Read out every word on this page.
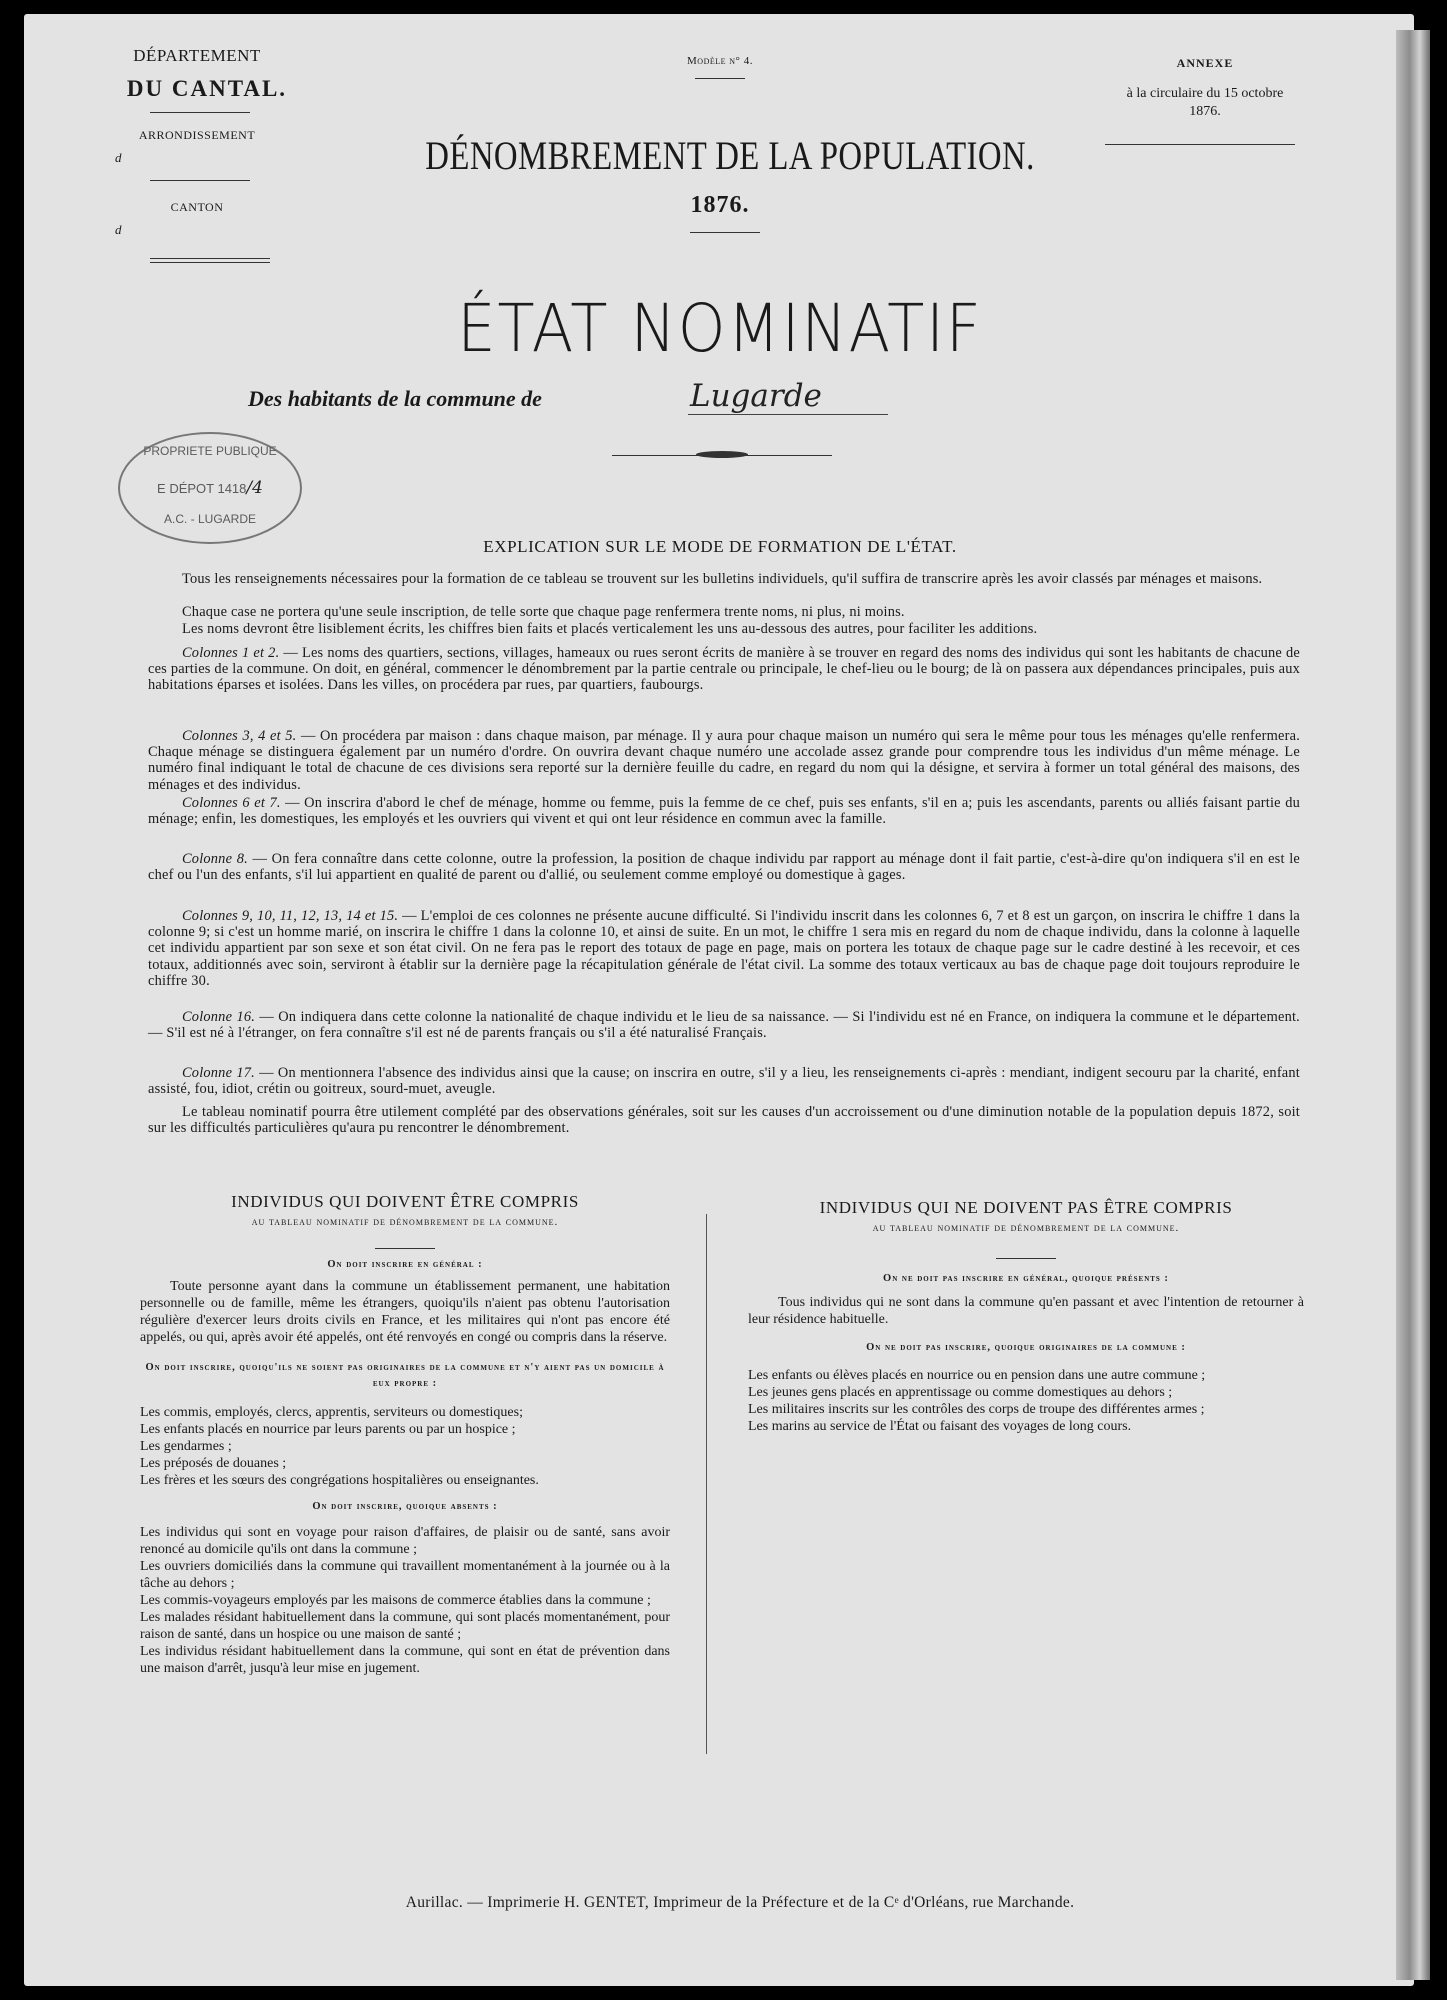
DÉPARTEMENT
DU CANTAL.
ARRONDISSEMENT
d
CANTON
d
Modèle n° 4.	ANNEXE
à la circulaire du 15 octobre
1876.
DÉNOMBREMENT DE LA POPULATION.
1876.
ÉTAT NOMINATIF
Des habitants de la commune de	Lugarde
PROPRIETE PUBLIQUE
E DÉPOT 1418/4
A.C. - LUGARDE
EXPLICATION SUR LE MODE DE FORMATION DE L'ÉTAT.
Tous les renseignements nécessaires pour la formation de ce tableau se trouvent sur les bulletins individuels, qu'il suffira de transcrire après les avoir classés par ménages et maisons.
Chaque case ne portera qu'une seule inscription, de telle sorte que chaque page renfermera trente noms, ni plus, ni moins.
Les noms devront être lisiblement écrits, les chiffres bien faits et placés verticalement les uns au-dessous des autres, pour faciliter les additions.
Colonnes 1 et 2. — Les noms des quartiers, sections, villages, hameaux ou rues seront écrits de manière à se trouver en regard des noms des individus qui sont les habitants de chacune de ces parties de la commune. On doit, en général, commencer le dénombrement par la partie centrale ou principale, le chef-lieu ou le bourg; de là on passera aux dépendances principales, puis aux habitations éparses et isolées. Dans les villes, on procédera par rues, par quartiers, faubourgs.
Colonnes 3, 4 et 5. — On procédera par maison : dans chaque maison, par ménage. Il y aura pour chaque maison un numéro qui sera le même pour tous les ménages qu'elle renfermera. Chaque ménage se distinguera également par un numéro d'ordre. On ouvrira devant chaque numéro une accolade assez grande pour comprendre tous les individus d'un même ménage. Le numéro final indiquant le total de chacune de ces divisions sera reporté sur la dernière feuille du cadre, en regard du nom qui la désigne, et servira à former un total général des maisons, des ménages et des individus.
Colonnes 6 et 7. — On inscrira d'abord le chef de ménage, homme ou femme, puis la femme de ce chef, puis ses enfants, s'il en a; puis les ascendants, parents ou alliés faisant partie du ménage; enfin, les domestiques, les employés et les ouvriers qui vivent et qui ont leur résidence en commun avec la famille.
Colonne 8. — On fera connaître dans cette colonne, outre la profession, la position de chaque individu par rapport au ménage dont il fait partie, c'est-à-dire qu'on indiquera s'il en est le chef ou l'un des enfants, s'il lui appartient en qualité de parent ou d'allié, ou seulement comme employé ou domestique à gages.
Colonnes 9, 10, 11, 12, 13, 14 et 15. — L'emploi de ces colonnes ne présente aucune difficulté. Si l'individu inscrit dans les colonnes 6, 7 et 8 est un garçon, on inscrira le chiffre 1 dans la colonne 9; si c'est un homme marié, on inscrira le chiffre 1 dans la colonne 10, et ainsi de suite. En un mot, le chiffre 1 sera mis en regard du nom de chaque individu, dans la colonne à laquelle cet individu appartient par son sexe et son état civil. On ne fera pas le report des totaux de page en page, mais on portera les totaux de chaque page sur le cadre destiné à les recevoir, et ces totaux, additionnés avec soin, serviront à établir sur la dernière page la récapitulation générale de l'état civil. La somme des totaux verticaux au bas de chaque page doit toujours reproduire le chiffre 30.
Colonne 16. — On indiquera dans cette colonne la nationalité de chaque individu et le lieu de sa naissance. — Si l'individu est né en France, on indiquera la commune et le département. — S'il est né à l'étranger, on fera connaître s'il est né de parents français ou s'il a été naturalisé Français.
Colonne 17. — On mentionnera l'absence des individus ainsi que la cause; on inscrira en outre, s'il y a lieu, les renseignements ci-après : mendiant, indigent secouru par la charité, enfant assisté, fou, idiot, crétin ou goitreux, sourd-muet, aveugle.
Le tableau nominatif pourra être utilement complété par des observations générales, soit sur les causes d'un accroissement ou d'une diminution notable de la population depuis 1872, soit sur les difficultés particulières qu'aura pu rencontrer le dénombrement.
INDIVIDUS QUI DOIVENT ÊTRE COMPRIS
au tableau nominatif de dénombrement de la commune.
On doit inscrire en général :
Toute personne ayant dans la commune un établissement permanent, une habitation personnelle ou de famille, même les étrangers, quoiqu'ils n'aient pas obtenu l'autorisation régulière d'exercer leurs droits civils en France, et les militaires qui n'ont pas encore été appelés, ou qui, après avoir été appelés, ont été renvoyés en congé ou compris dans la réserve.
On doit inscrire, quoiqu'ils ne soient pas originaires de la commune et n'y aient pas un domicile à eux propre :
Les commis, employés, clercs, apprentis, serviteurs ou domestiques;
Les enfants placés en nourrice par leurs parents ou par un hospice ;
Les gendarmes ;
Les préposés de douanes ;
Les frères et les sœurs des congrégations hospitalières ou enseignantes.
On doit inscrire, quoique absents :
Les individus qui sont en voyage pour raison d'affaires, de plaisir ou de santé, sans avoir renoncé au domicile qu'ils ont dans la commune ;
Les ouvriers domiciliés dans la commune qui travaillent momentanément à la journée ou à la tâche au dehors ;
Les commis-voyageurs employés par les maisons de commerce établies dans la commune ;
Les malades résidant habituellement dans la commune, qui sont placés momentanément, pour raison de santé, dans un hospice ou une maison de santé ;
Les individus résidant habituellement dans la commune, qui sont en état de prévention dans une maison d'arrêt, jusqu'à leur mise en jugement.
INDIVIDUS QUI NE DOIVENT PAS ÊTRE COMPRIS
au tableau nominatif de dénombrement de la commune.
On ne doit pas inscrire en général, quoique présents :
Tous individus qui ne sont dans la commune qu'en passant et avec l'intention de retourner à leur résidence habituelle.
On ne doit pas inscrire, quoique originaires de la commune :
Les enfants ou élèves placés en nourrice ou en pension dans une autre commune ;
Les jeunes gens placés en apprentissage ou comme domestiques au dehors ;
Les militaires inscrits sur les contrôles des corps de troupe des différentes armes ;
Les marins au service de l'État ou faisant des voyages de long cours.
Aurillac. — Imprimerie H. GENTET, Imprimeur de la Préfecture et de la Cᵉ d'Orléans, rue Marchande.
